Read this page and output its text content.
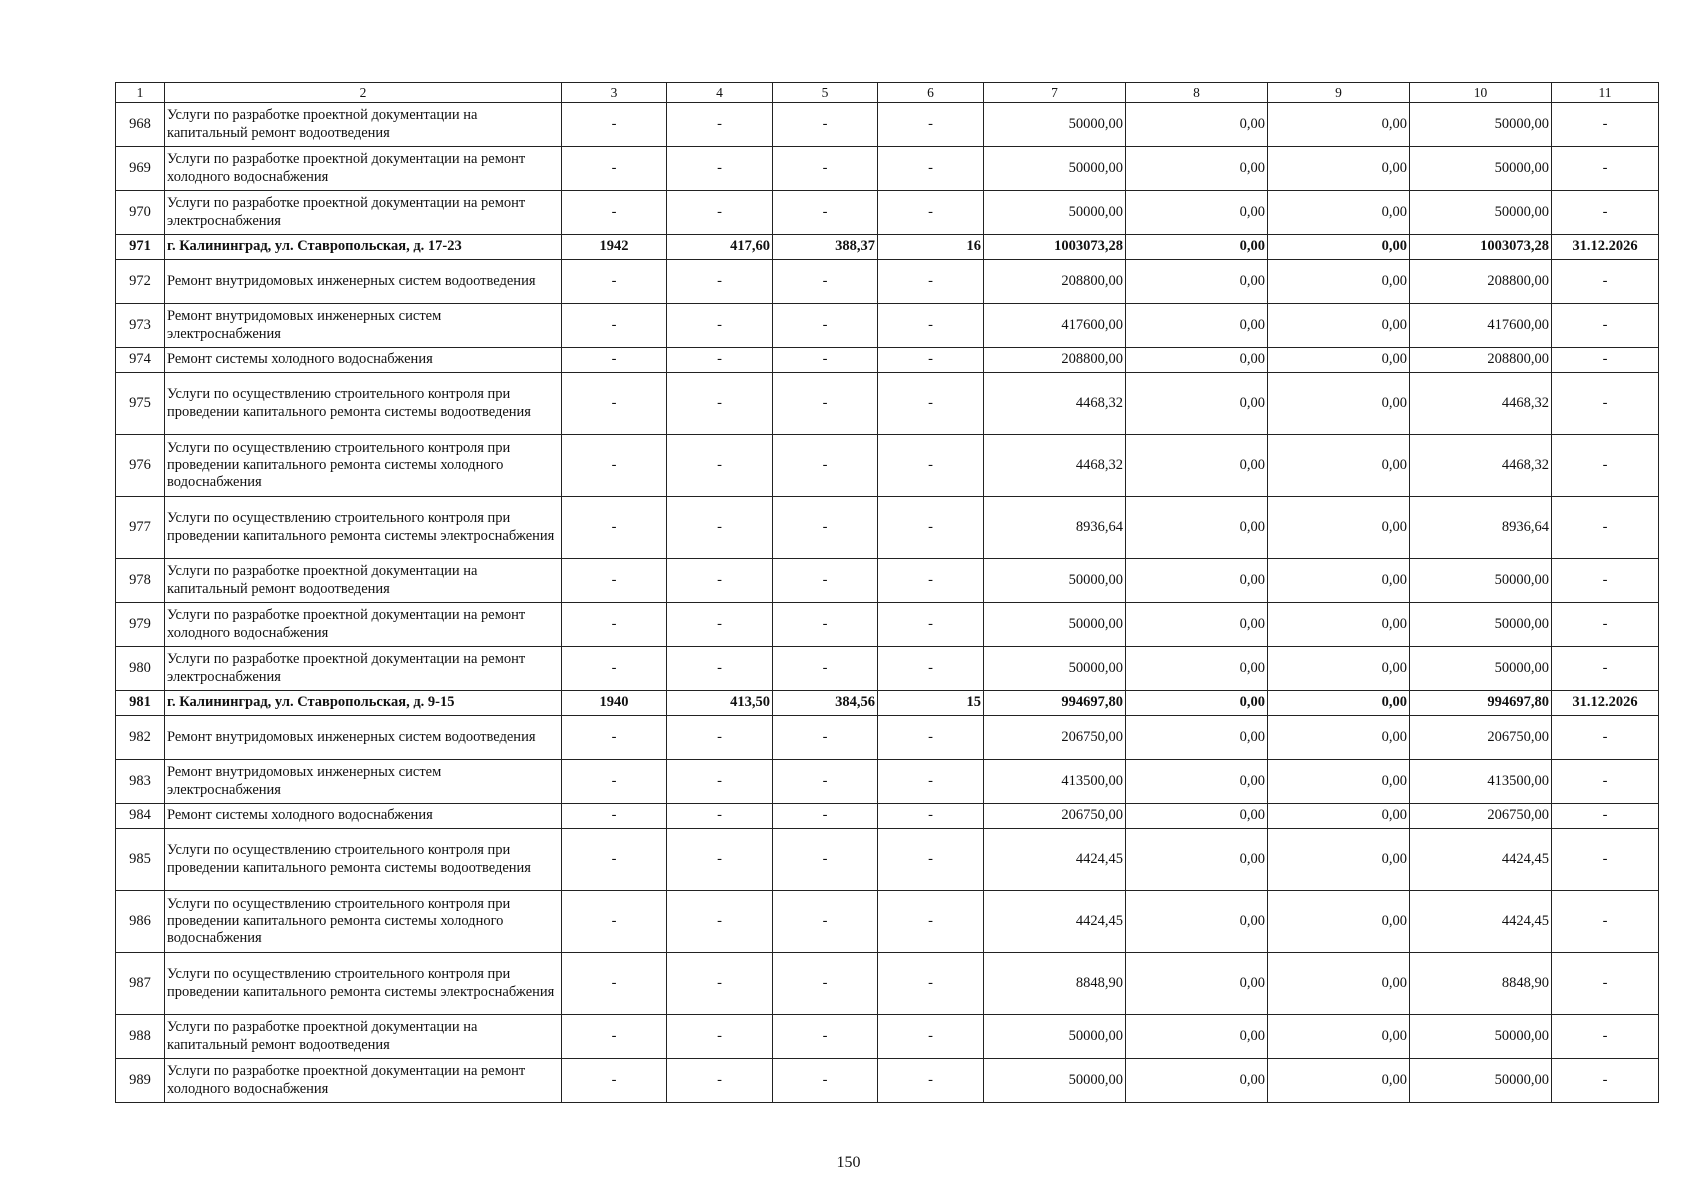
1	2	3	4	5	6	7	8	9	10	11
968	Услуги по разработке проектной документации на капитальный ремонт водоотведения	-	-	-	-	50000,00	0,00	0,00	50000,00	-
969	Услуги по разработке проектной документации на ремонт холодного водоснабжения	-	-	-	-	50000,00	0,00	0,00	50000,00	-
970	Услуги по разработке проектной документации на ремонт электроснабжения	-	-	-	-	50000,00	0,00	0,00	50000,00	-
971	г. Калининград, ул. Ставропольская, д. 17-23	1942	417,60	388,37	16	1003073,28	0,00	0,00	1003073,28	31.12.2026
972	Ремонт внутридомовых инженерных систем водоотведения	-	-	-	-	208800,00	0,00	0,00	208800,00	-
973	Ремонт внутридомовых инженерных систем электроснабжения	-	-	-	-	417600,00	0,00	0,00	417600,00	-
974	Ремонт системы холодного водоснабжения	-	-	-	-	208800,00	0,00	0,00	208800,00	-
975	Услуги по осуществлению строительного контроля при проведении капитального ремонта системы водоотведения	-	-	-	-	4468,32	0,00	0,00	4468,32	-
976	Услуги по осуществлению строительного контроля при проведении капитального ремонта системы холодного водоснабжения	-	-	-	-	4468,32	0,00	0,00	4468,32	-
977	Услуги по осуществлению строительного контроля при проведении капитального ремонта системы электроснабжения	-	-	-	-	8936,64	0,00	0,00	8936,64	-
978	Услуги по разработке проектной документации на капитальный ремонт водоотведения	-	-	-	-	50000,00	0,00	0,00	50000,00	-
979	Услуги по разработке проектной документации на ремонт холодного водоснабжения	-	-	-	-	50000,00	0,00	0,00	50000,00	-
980	Услуги по разработке проектной документации на ремонт электроснабжения	-	-	-	-	50000,00	0,00	0,00	50000,00	-
981	г. Калининград, ул. Ставропольская, д. 9-15	1940	413,50	384,56	15	994697,80	0,00	0,00	994697,80	31.12.2026
982	Ремонт внутридомовых инженерных систем водоотведения	-	-	-	-	206750,00	0,00	0,00	206750,00	-
983	Ремонт внутридомовых инженерных систем электроснабжения	-	-	-	-	413500,00	0,00	0,00	413500,00	-
984	Ремонт системы холодного водоснабжения	-	-	-	-	206750,00	0,00	0,00	206750,00	-
985	Услуги по осуществлению строительного контроля при проведении капитального ремонта системы водоотведения	-	-	-	-	4424,45	0,00	0,00	4424,45	-
986	Услуги по осуществлению строительного контроля при проведении капитального ремонта системы холодного водоснабжения	-	-	-	-	4424,45	0,00	0,00	4424,45	-
987	Услуги по осуществлению строительного контроля при проведении капитального ремонта системы электроснабжения	-	-	-	-	8848,90	0,00	0,00	8848,90	-
988	Услуги по разработке проектной документации на капитальный ремонт водоотведения	-	-	-	-	50000,00	0,00	0,00	50000,00	-
989	Услуги по разработке проектной документации на ремонт холодного водоснабжения	-	-	-	-	50000,00	0,00	0,00	50000,00	-
150
